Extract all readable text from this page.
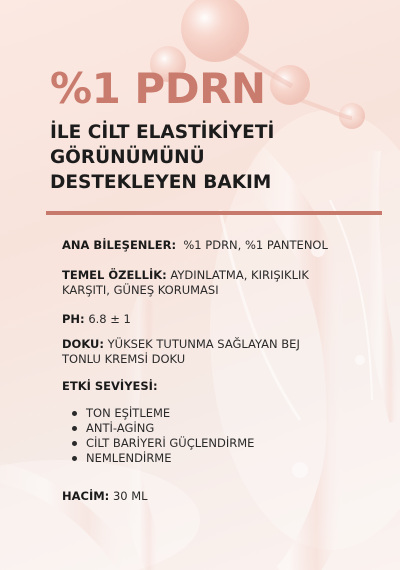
%1 PDRN
İLE CİLT ELASTİKİYETİ
GÖRÜNÜMÜNÜ
DESTEKLEYEN BAKIM
ANA BİLEŞENLER: %1 PDRN, %1 PANTENOL
TEMEL ÖZELLİK: AYDINLATMA, KIRIŞIKLIK KARŞITI, GÜNEŞ KORUMASI
PH: 6.8 ± 1
DOKU: YÜKSEK TUTUNMA SAĞLAYAN BEJ TONLU KREMSİ DOKU
ETKİ SEVİYESİ:
TON EŞİTLEME
ANTİ-AGİNG
CİLT BARİYERİ GÜÇLENDİRME
NEMLENDİRME
HACİM: 30 ML
